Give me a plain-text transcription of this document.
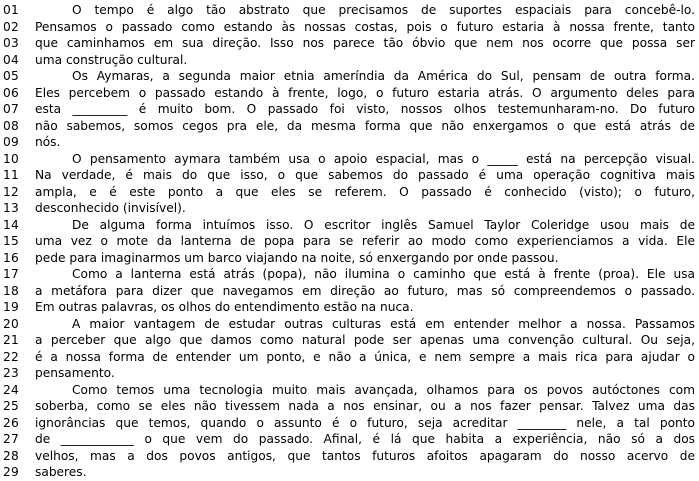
01	O tempo é algo tão abstrato que precisamos de suportes espaciais para concebê-lo.
02	Pensamos o passado como estando às nossas costas, pois o futuro estaria à nossa frente, tanto
03	que caminhamos em sua direção. Isso nos parece tão óbvio que nem nos ocorre que possa ser
04	uma construção cultural.
05	Os Aymaras, a segunda maior etnia ameríndia da América do Sul, pensam de outra forma.
06	Eles percebem o passado estando à frente, logo, o futuro estaria atrás. O argumento deles para
07	esta _________ é muito bom. O passado foi visto, nossos olhos testemunharam-no. Do futuro
08	não sabemos, somos cegos pra ele, da mesma forma que não enxergamos o que está atrás de
09	nós.
10	O pensamento aymara também usa o apoio espacial, mas o _____ está na percepção visual.
11	Na verdade, é mais do que isso, o que sabemos do passado é uma operação cognitiva mais
12	ampla, e é este ponto a que eles se referem. O passado é conhecido (visto); o futuro,
13	desconhecido (invisível).
14	De alguma forma intuímos isso. O escritor inglês Samuel Taylor Coleridge usou mais de
15	uma vez o mote da lanterna de popa para se referir ao modo como experienciamos a vida. Ele
16	pede para imaginarmos um barco viajando na noite, só enxergando por onde passou.
17	Como a lanterna está atrás (popa), não ilumina o caminho que está à frente (proa). Ele usa
18	a metáfora para dizer que navegamos em direção ao futuro, mas só compreendemos o passado.
19	Em outras palavras, os olhos do entendimento estão na nuca.
20	A maior vantagem de estudar outras culturas está em entender melhor a nossa. Passamos
21	a perceber que algo que damos como natural pode ser apenas uma convenção cultural. Ou seja,
22	é a nossa forma de entender um ponto, e não a única, e nem sempre a mais rica para ajudar o
23	pensamento.
24	Como temos uma tecnologia muito mais avançada, olhamos para os povos autóctones com
25	soberba, como se eles não tivessem nada a nos ensinar, ou a nos fazer pensar. Talvez uma das
26	ignorâncias que temos, quando o assunto é o futuro, seja acreditar ________ nele, a tal ponto
27	de ____________ o que vem do passado. Afinal, é lá que habita a experiência, não só a dos
28	velhos, mas a dos povos antigos, que tantos futuros afoitos apagaram do nosso acervo de
29	saberes.
